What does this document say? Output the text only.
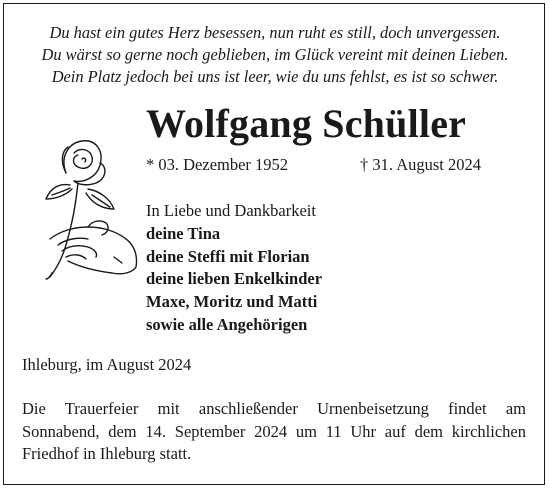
Du hast ein gutes Herz besessen, nun ruht es still, doch unvergessen.
Du wärst so gerne noch geblieben, im Glück vereint mit deinen Lieben.
Dein Platz jedoch bei uns ist leer, wie du uns fehlst, es ist so schwer.
Wolfgang Schüller
* 03. Dezember 1952	† 31. August 2024
In Liebe und Dankbarkeit
deine Tina
deine Steffi mit Florian
deine lieben Enkelkinder
Maxe, Moritz und Matti
sowie alle Angehörigen
Ihleburg, im August 2024
Die Trauerfeier mit anschließender Urnenbeisetzung findet am
Sonnabend, dem 14. September 2024 um 11 Uhr auf dem kirchlichen
Friedhof in Ihleburg statt.
